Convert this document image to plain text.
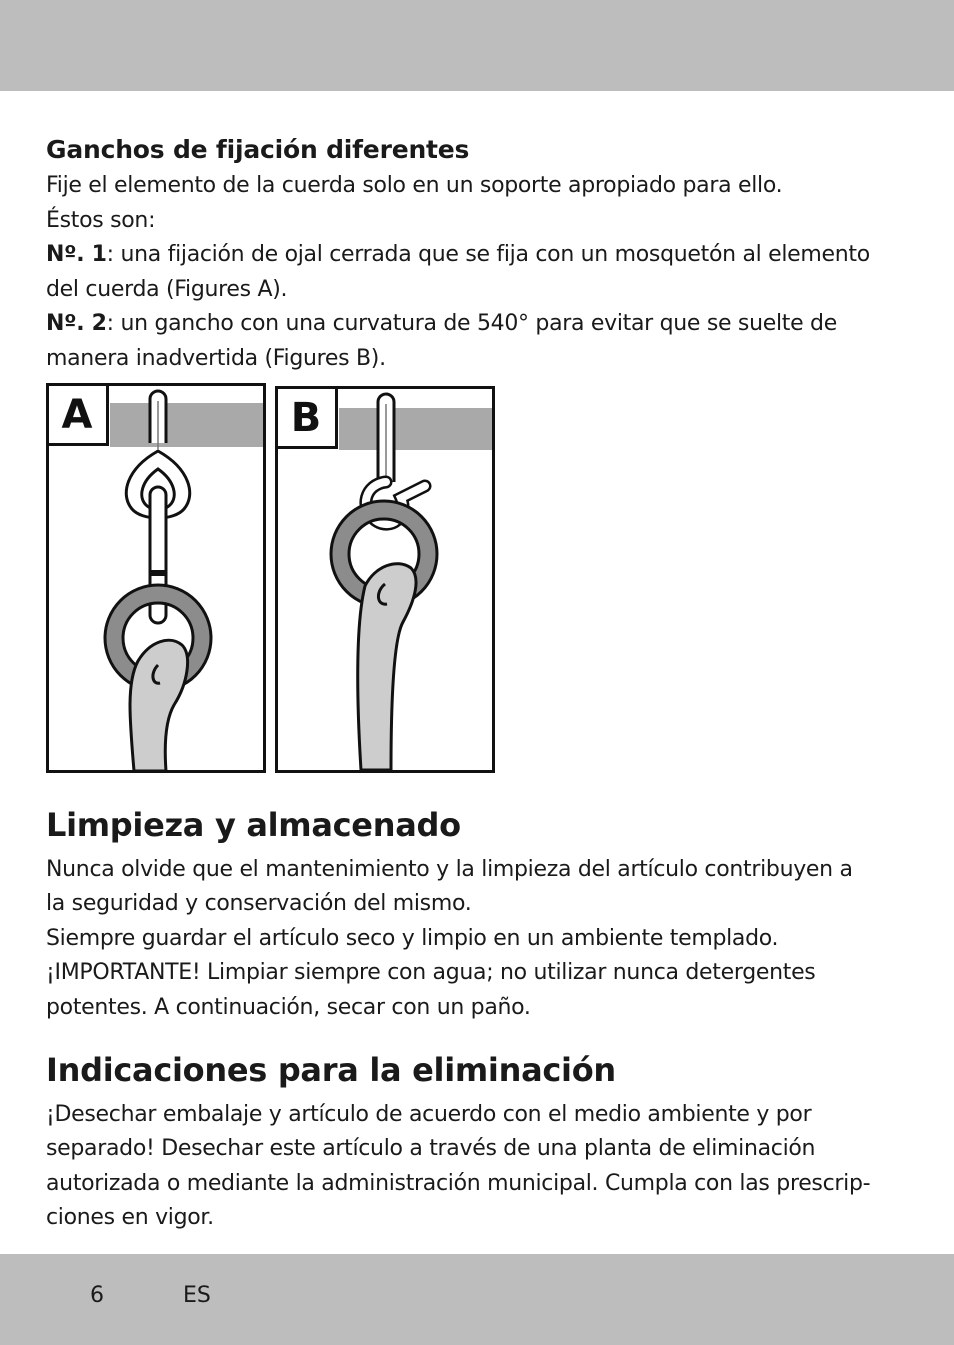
Ganchos de fijación diferentes

Fije el elemento de la cuerda solo en un soporte apropiado para ello.
Éstos son:
Nº. 1: una fijación de ojal cerrada que se fija con un mosquetón al elemento
del cuerda (Figures A).
Nº. 2: un gancho con una curvatura de 540° para evitar que se suelte de
manera inadvertida (Figures B).

A	B
Limpieza y almacenado

Nunca olvide que el mantenimiento y la limpieza del artículo contribuyen a
la seguridad y conservación del mismo.
Siempre guardar el artículo seco y limpio en un ambiente templado.
¡IMPORTANTE! Limpiar siempre con agua; no utilizar nunca detergentes
potentes. A continuación, secar con un paño.

Indicaciones para la eliminación

¡Desechar embalaje y artículo de acuerdo con el medio ambiente y por
separado! Desechar este artículo a través de una planta de eliminación
autorizada o mediante la administración municipal. Cumpla con las prescrip-
ciones en vigor.

6	ES
